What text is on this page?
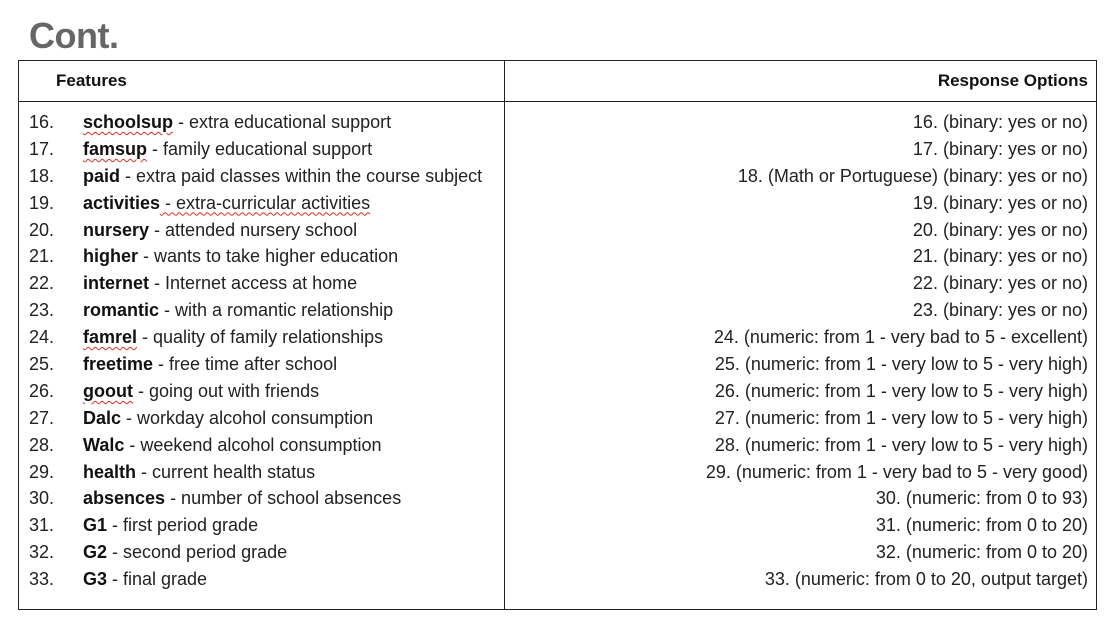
Cont.
Features	Response Options
16. schoolsup - extra educational support
17. famsup - family educational support
18. paid - extra paid classes within the course subject
19. activities - extra-curricular activities
20. nursery - attended nursery school
21. higher - wants to take higher education
22. internet - Internet access at home
23. romantic - with a romantic relationship
24. famrel - quality of family relationships
25. freetime - free time after school
26. goout - going out with friends
27. Dalc - workday alcohol consumption
28. Walc - weekend alcohol consumption
29. health - current health status
30. absences - number of school absences
31. G1 - first period grade
32. G2 - second period grade
33. G3 - final grade
16. (binary: yes or no)
17. (binary: yes or no)
18. (Math or Portuguese) (binary: yes or no)
19. (binary: yes or no)
20. (binary: yes or no)
21. (binary: yes or no)
22. (binary: yes or no)
23. (binary: yes or no)
24. (numeric: from 1 - very bad to 5 - excellent)
25. (numeric: from 1 - very low to 5 - very high)
26. (numeric: from 1 - very low to 5 - very high)
27. (numeric: from 1 - very low to 5 - very high)
28. (numeric: from 1 - very low to 5 - very high)
29. (numeric: from 1 - very bad to 5 - very good)
30. (numeric: from 0 to 93)
31. (numeric: from 0 to 20)
32. (numeric: from 0 to 20)
33. (numeric: from 0 to 20, output target)
